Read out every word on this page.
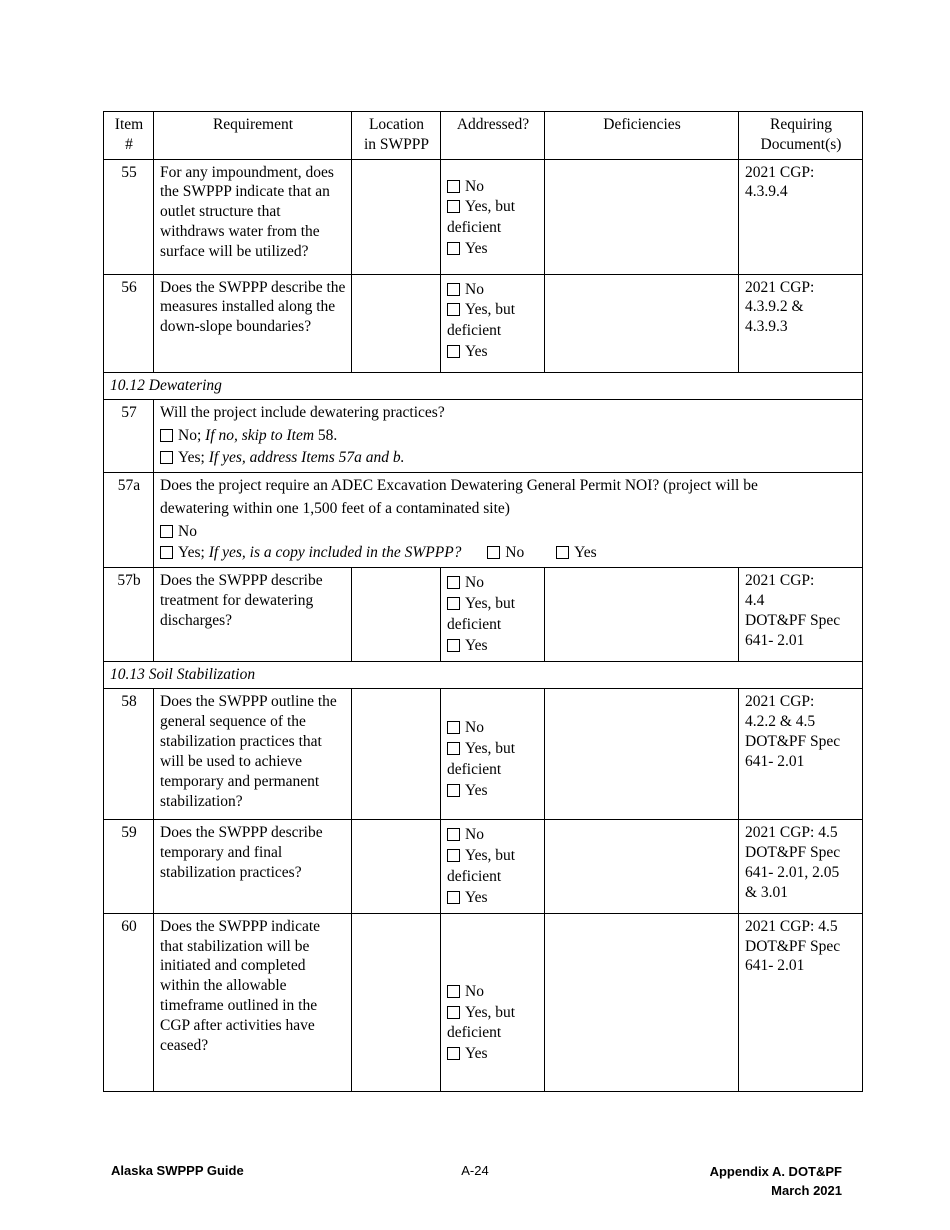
Item
#	Requirement	Location
in SWPPP	Addressed?	Deficiencies	Requiring
Document(s)

55	For any impoundment, does the SWPPP indicate that an outlet structure that withdraws water from the surface will be utilized?		No
Yes, but
deficient
Yes		2021 CGP:
4.3.9.4

56	Does the SWPPP describe the measures installed along the down-slope boundaries?		No
Yes, but
deficient
Yes		2021 CGP:
4.3.9.2 &
4.3.9.3

10.12 Dewatering					
57	Will the project include dewatering practices?
No; If no, skip to Item 58.
Yes; If yes, address Items 57a and b.				

57a	Does the project require an ADEC Excavation Dewatering General Permit NOI? (project will be
dewatering within one 1,500 feet of a contaminated site)
No
Yes; If yes, is a copy included in the SWPPP? No Yes				

57b	Does the SWPPP describe treatment for dewatering discharges?		No
Yes, but
deficient
Yes		2021 CGP:
4.4
DOT&PF Spec
641- 2.01

10.13 Soil Stabilization					
58	Does the SWPPP outline the general sequence of the stabilization practices that will be used to achieve temporary and permanent stabilization?		No
Yes, but
deficient
Yes		2021 CGP:
4.2.2 & 4.5
DOT&PF Spec
641- 2.01

59	Does the SWPPP describe temporary and final stabilization practices?		No
Yes, but
deficient
Yes		2021 CGP: 4.5
DOT&PF Spec
641- 2.01, 2.05
& 3.01

60	Does the SWPPP indicate that stabilization will be initiated and completed within the allowable timeframe outlined in the CGP after activities have ceased?		No
Yes, but
deficient
Yes		2021 CGP: 4.5
DOT&PF Spec
641- 2.01
Alaska SWPPP Guide	A-24	Appendix A. DOT&PF
March 2021
